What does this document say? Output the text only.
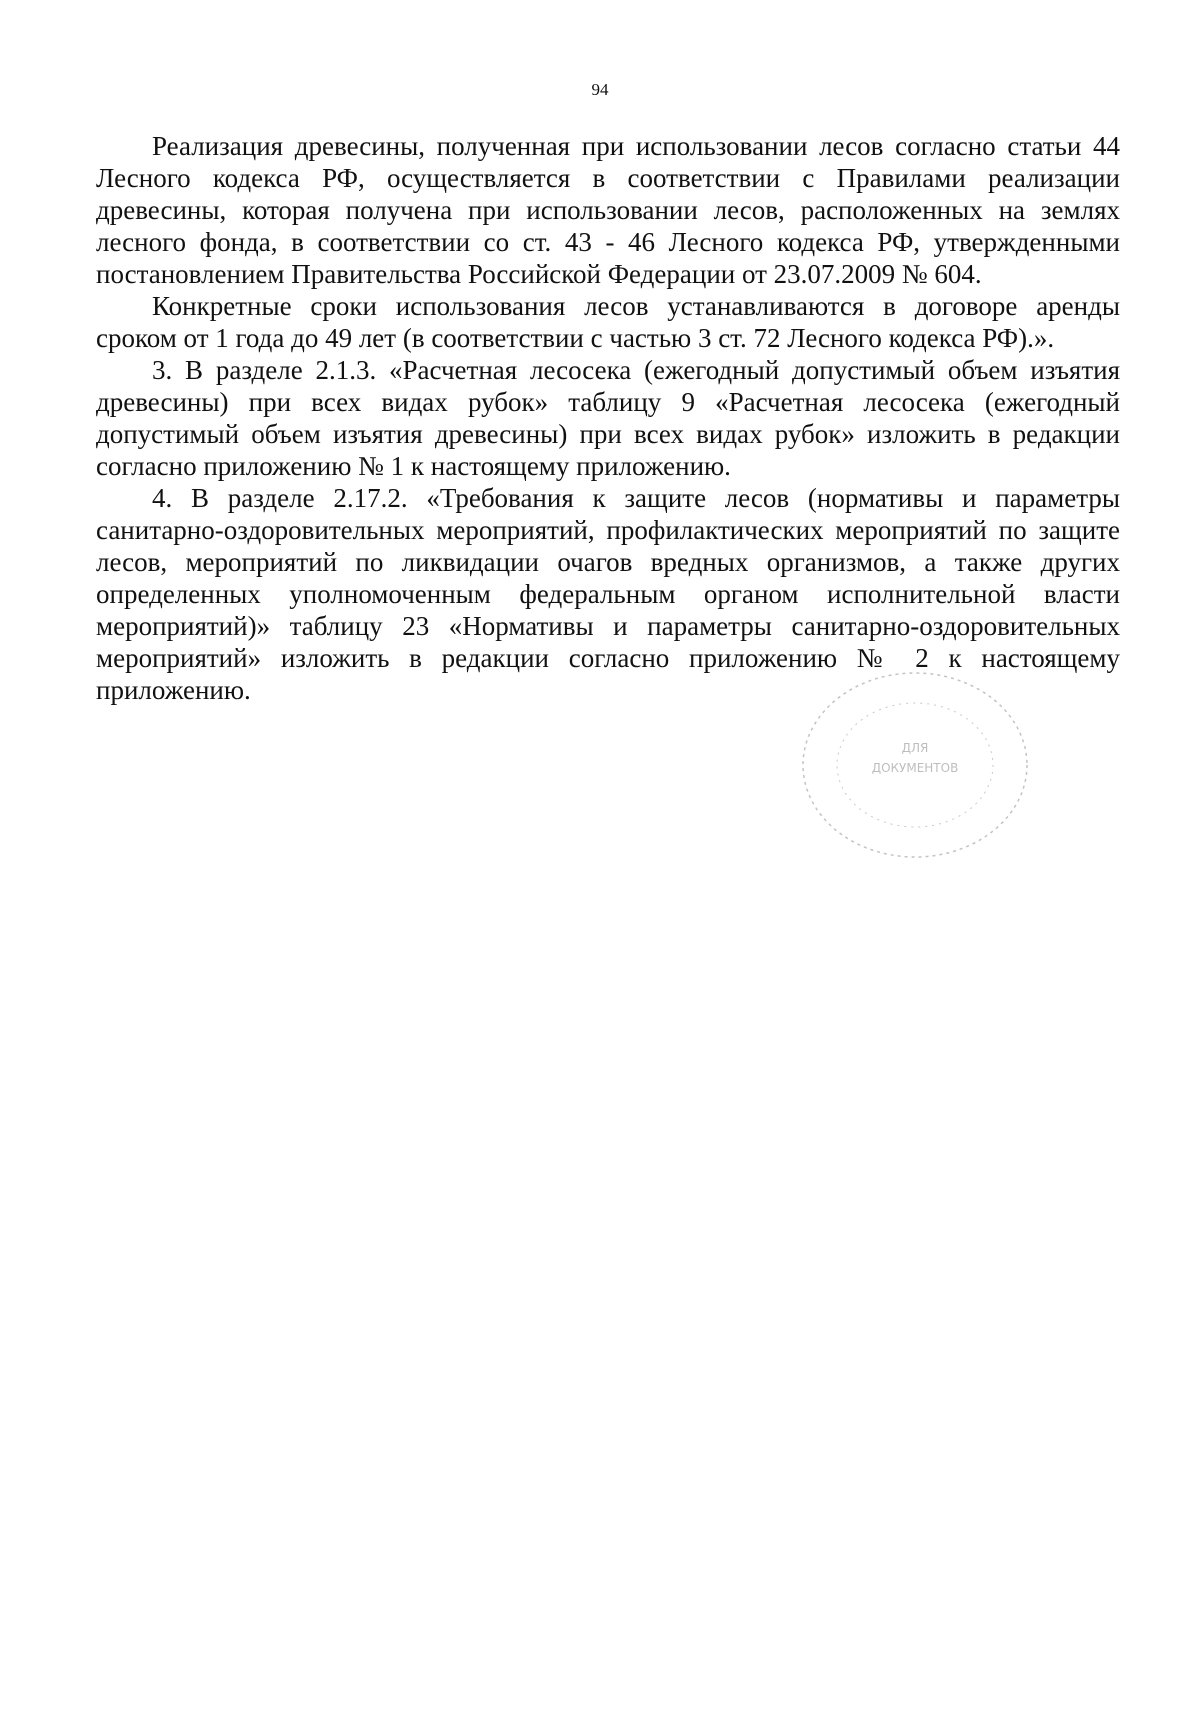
94

Реализация древесины, полученная при использовании лесов согласно статьи 44 Лесного кодекса РФ, осуществляется в соответствии с Правилами реализации древесины, которая получена при использовании лесов, расположенных на землях лесного фонда, в соответствии со ст. 43 - 46 Лесного кодекса РФ, утвержденными постановлением Правительства Российской Федерации от 23.07.2009 № 604.

Конкретные сроки использования лесов устанавливаются в договоре аренды сроком от 1 года до 49 лет (в соответствии с частью 3 ст. 72 Лесного кодекса РФ).».

3. В разделе 2.1.3. «Расчетная лесосека (ежегодный допустимый объем изъятия древесины) при всех видах рубок» таблицу 9 «Расчетная лесосека (ежегодный допустимый объем изъятия древесины) при всех видах рубок» изложить в редакции согласно приложению № 1 к настоящему приложению.

4. В разделе 2.17.2. «Требования к защите лесов (нормативы и параметры санитарно-оздоровительных мероприятий, профилактических мероприятий по защите лесов, мероприятий по ликвидации очагов вредных организмов, а также других определенных уполномоченным федеральным органом исполнительной власти мероприятий)» таблицу 23 «Нормативы и параметры санитарно-оздоровительных мероприятий» изложить в редакции согласно приложению № 2 к настоящему приложению.

ДЛЯ
ДОКУМЕНТОВ
